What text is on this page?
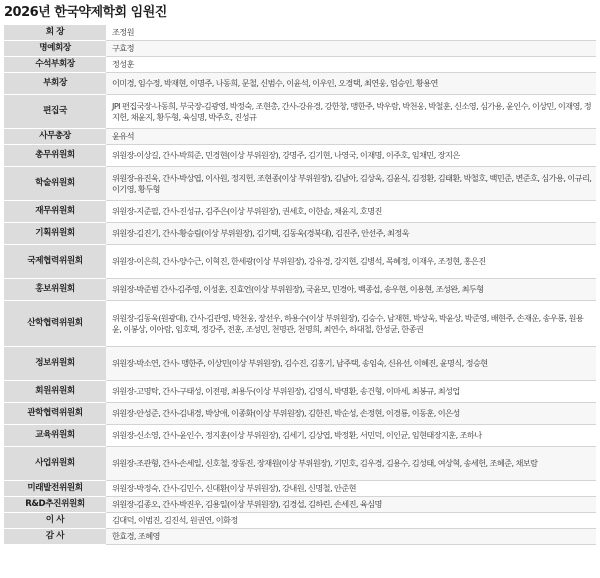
2026년 한국약제학회 임원진
회 장	조정원
명예회장	구효정
수석부회장	정성훈
부회장	이미경, 임수정, 박재현, 이명주, 나동희, 문철, 신범수, 이윤석, 이우인, 오경택, 최연웅, 엄승인, 황용연
편집국	JPI 편집국장-나동희, 부국장-김광영, 박정숙, 조현총, 간사-강유경, 강한창, 맹한주, 박우람, 박천웅, 박철훈, 신소영, 심가용, 윤인수, 이상민, 이재영, 정지헌, 채윤지, 황두형, 육심명, 박주호, 진성규
사무총장	윤유석
총무위원회	위원장-이상길, 간사-박희준, 민경현(이상 부위원장), 강명주, 김기현, 나영국, 이재명, 이주호, 임채민, 장지은
학술위원회	위원장-유진욱, 간사-박상엽, 이사원, 정지헌, 조현종(이상 부위원장), 김남아, 김상욱, 김윤식, 김정환, 김태환, 박철호, 백민준, 변준호, 심가용, 이규리, 이기영, 황두형
재무위원회	위원장-지준필, 간사-진성규, 김주은(이상 부위원장), 권세호, 이한솔, 채윤지, 호명진
기획위원회	위원장-김진기, 간사-황승림(이상 부위원장), 김기택, 김동욱(경북대), 김진주, 안선주, 최정욱
국제협력위원회	위원장-이은희, 간사-양수근, 이혁진, 한세광(이상 부위원장), 강유경, 강지현, 김병석, 목혜정, 이재우, 조정현, 홍은진
홍보위원회	위원장-박준범 간사-김주영, 이성훈, 진효언(이상 부위원장), 국윤모, 민경아, 백종섭, 송우현, 이용현, 조성완, 최두형
산학협력위원회	위원장-김동욱(원광대), 간사-김관영, 박천웅, 장선우, 하용수(이상 부위원장), 김승수, 남재현, 박상욱, 박윤상, 박준영, 배현주, 손재운, 송우룡, 원용윤, 이봉상, 이아람, 임호택, 정강주, 전훈, 조성민, 천명관, 천명희, 최연수, 하대철, 한성균, 한종권
정보위원회	위원장-박소연, 간사- 맹한주, 이상민(이상 부위원장), 김수진, 김홍기, 남주택, 송임숙, 신유선, 이혜진, 윤명식, 정승현
회원위원회	위원장-고명탁, 간사-구태성, 이전평, 최용두(이상 부위원장), 김영식, 박명환, 송건형, 이마세, 최봉규, 최성업
관학협력위원회	위원장-안성준, 간사-김내경, 박상애, 이종화(이상 부위원장), 김한진, 박순성, 손정현, 이경룡, 이동훈, 이은성
교육위원회	위원장-신소영, 간사-윤인수, 정지훈(이상 부위원장), 김세기, 김상엽, 박정환, 서민덕, 이인균, 임현태장지훈, 조하나
사업위원회	위원장-조관형, 간사-손세일, 신호철, 장동진, 장재원(이상 부위원장), 기민호, 김우경, 김용수, 김성태, 여상혁, 송세헌, 조혜준, 채보람
미래발전위원회	위원장-박정숙, 간사-김민수, 신대환(이상 부위원장), 강내원, 신명철, 안준현
R&D추진위원회	위원장-김종오, 간사-박진우, 김용일(이상 부위원장), 김경섭, 김하린, 손세진, 육심명
이 사	김대덕, 이범진, 김진석, 원권연, 이화정
감 사	한효경, 조혜영
